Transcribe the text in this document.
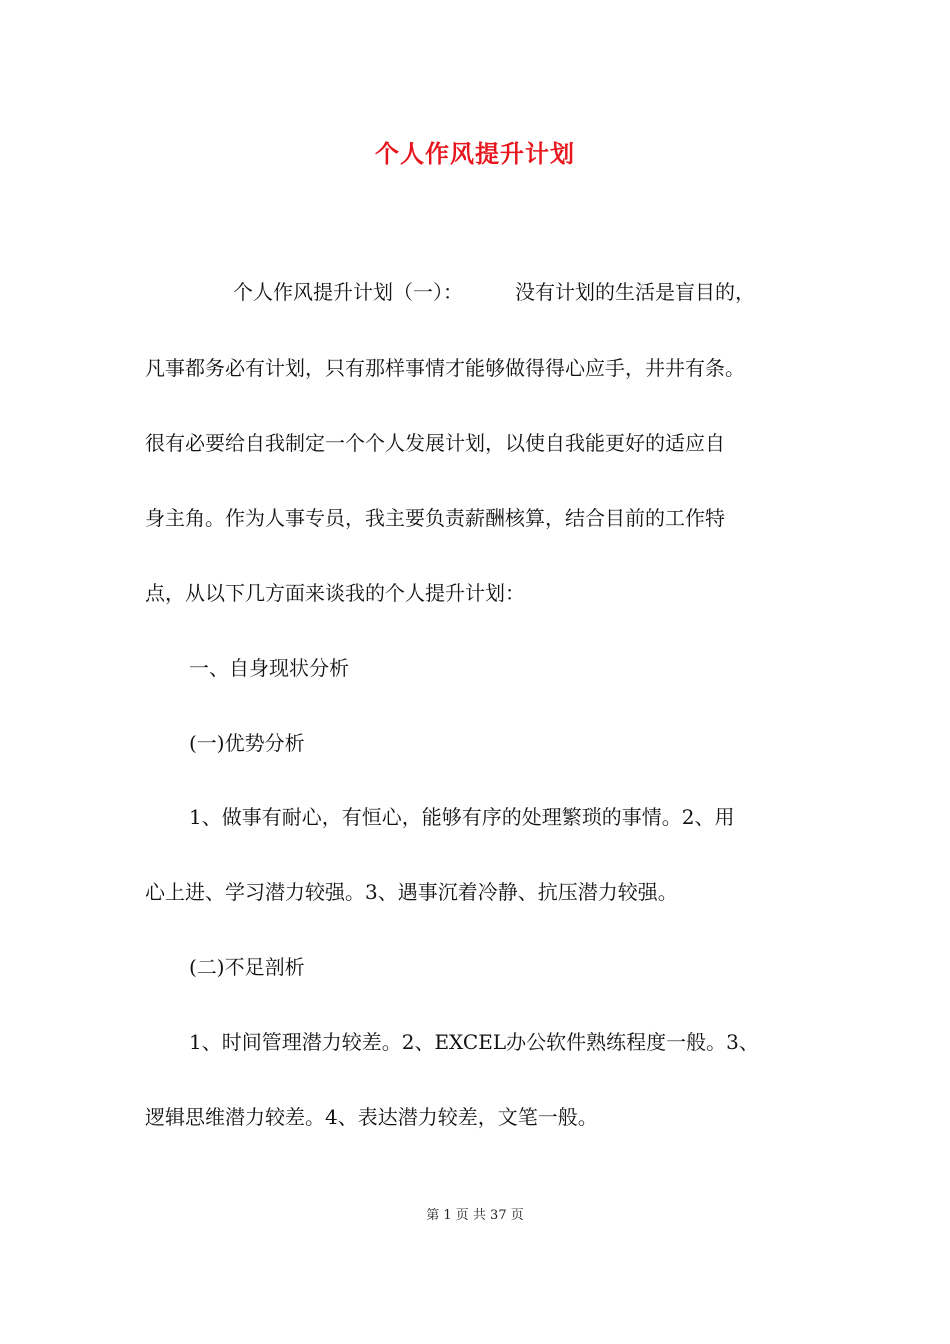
个人作风提升计划
个人作风提升计划（一）：	没有计划的生活是盲目的，
凡事都务必有计划，只有那样事情才能够做得得心应手，井井有条。
很有必要给自我制定一个个人发展计划，以使自我能更好的适应自
身主角。作为人事专员，我主要负责薪酬核算，结合目前的工作特
点，从以下几方面来谈我的个人提升计划：
一、自身现状分析
(一)优势分析
1、做事有耐心，有恒心，能够有序的处理繁琐的事情。2、用
心上进、学习潜力较强。3、遇事沉着冷静、抗压潜力较强。
(二)不足剖析
1、时间管理潜力较差。2、EXCEL办公软件熟练程度一般。3、
逻辑思维潜力较差。4、表达潜力较差，文笔一般。
第 1 页 共 37 页
